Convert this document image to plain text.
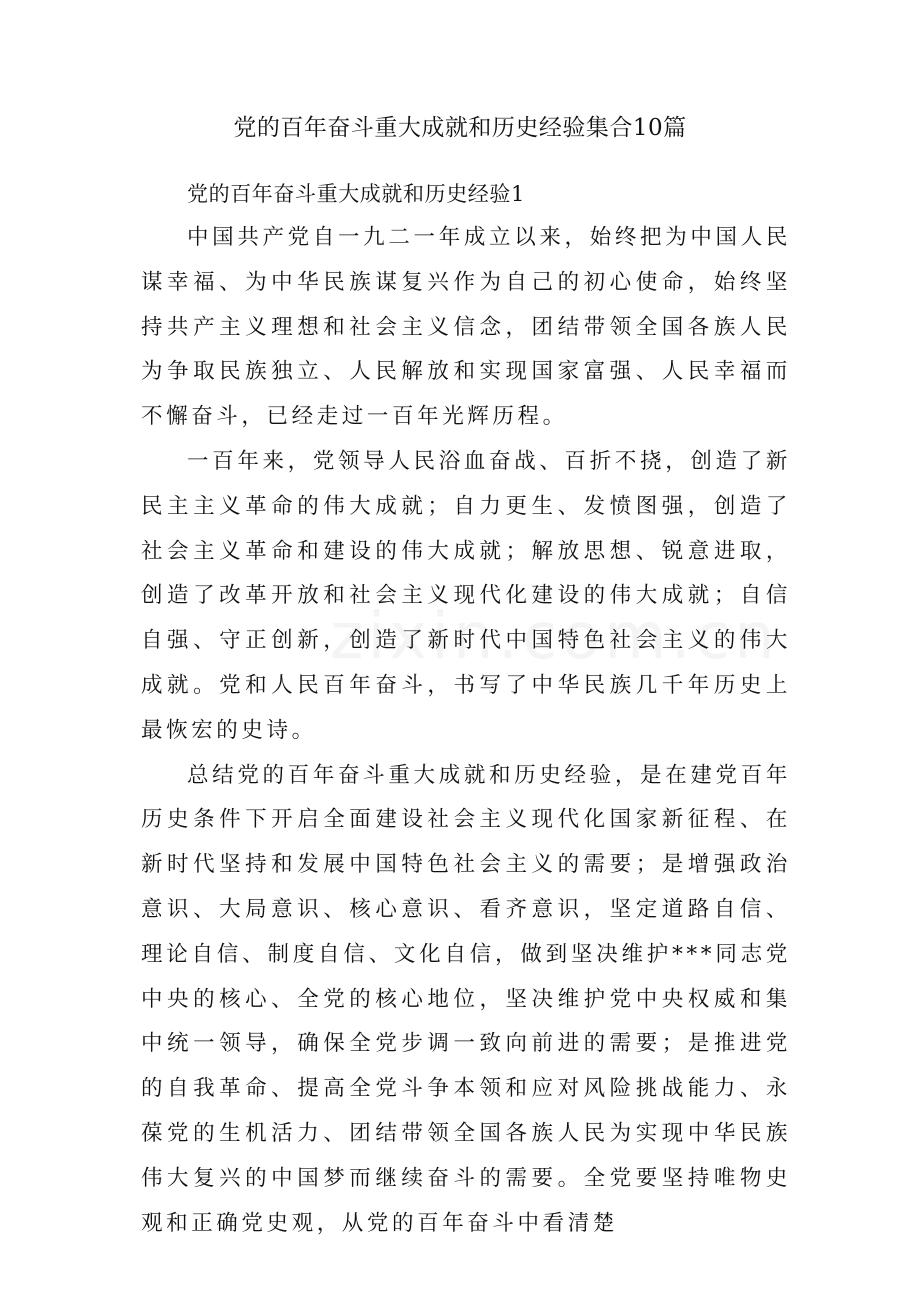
党的百年奋斗重大成就和历史经验集合10篇
党的百年奋斗重大成就和历史经验1

中国共产党自一九二一年成立以来，始终把为中国人民谋幸福、为中华民族谋复兴作为自己的初心使命，始终坚持共产主义理想和社会主义信念，团结带领全国各族人民为争取民族独立、人民解放和实现国家富强、人民幸福而不懈奋斗，已经走过一百年光辉历程。

一百年来，党领导人民浴血奋战、百折不挠，创造了新民主主义革命的伟大成就；自力更生、发愤图强，创造了社会主义革命和建设的伟大成就；解放思想、锐意进取，创造了改革开放和社会主义现代化建设的伟大成就；自信自强、守正创新，创造了新时代中国特色社会主义的伟大成就。党和人民百年奋斗，书写了中华民族几千年历史上最恢宏的史诗。

总结党的百年奋斗重大成就和历史经验，是在建党百年历史条件下开启全面建设社会主义现代化国家新征程、在新时代坚持和发展中国特色社会主义的需要；是增强政治意识、大局意识、核心意识、看齐意识，坚定道路自信、理论自信、制度自信、文化自信，做到坚决维护***同志党中央的核心、全党的核心地位，坚决维护党中央权威和集中统一领导，确保全党步调一致向前进的需要；是推进党的自我革命、提高全党斗争本领和应对风险挑战能力、永葆党的生机活力、团结带领全国各族人民为实现中华民族伟大复兴的中国梦而继续奋斗的需要。全党要坚持唯物史观和正确党史观，从党的百年奋斗中看清楚
